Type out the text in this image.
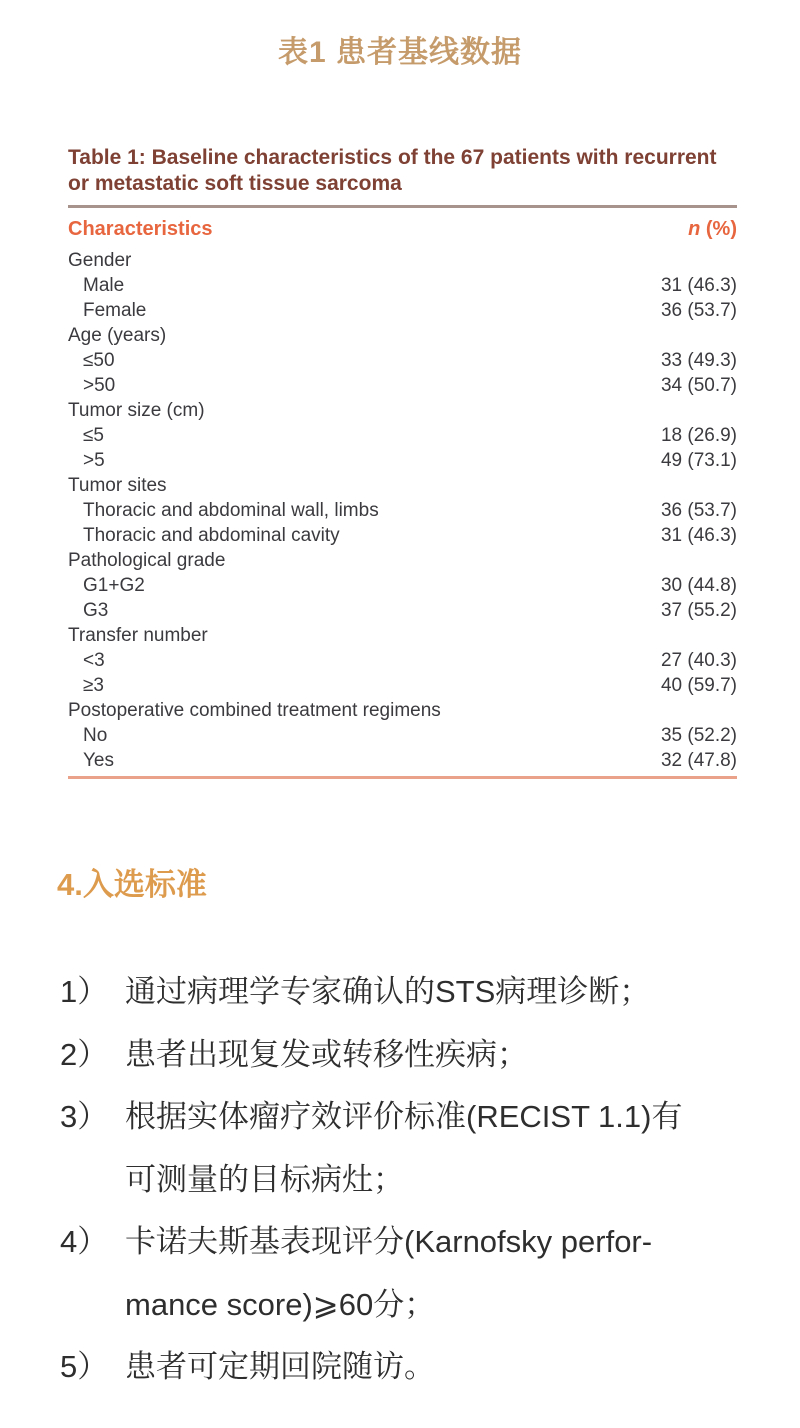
表1 患者基线数据
Table 1: Baseline characteristics of the 67 patients with recurrent or metastatic soft tissue sarcoma
Characteristics	n (%)
Gender
Male	31 (46.3)
Female	36 (53.7)
Age (years)
≤50	33 (49.3)
>50	34 (50.7)
Tumor size (cm)
≤5	18 (26.9)
>5	49 (73.1)
Tumor sites
Thoracic and abdominal wall, limbs	36 (53.7)
Thoracic and abdominal cavity	31 (46.3)
Pathological grade
G1+G2	30 (44.8)
G3	37 (55.2)
Transfer number
<3	27 (40.3)
≥3	40 (59.7)
Postoperative combined treatment regimens
No	35 (52.2)
Yes	32 (47.8)
4.入选标准
1） 通过病理学专家确认的STS病理诊断；
2） 患者出现复发或转移性疾病；
3） 根据实体瘤疗效评价标准(RECIST 1.1)有
可测量的目标病灶；
4） 卡诺夫斯基表现评分(Karnofsky perfor-
mance score)⩾60分；
5） 患者可定期回院随访。
